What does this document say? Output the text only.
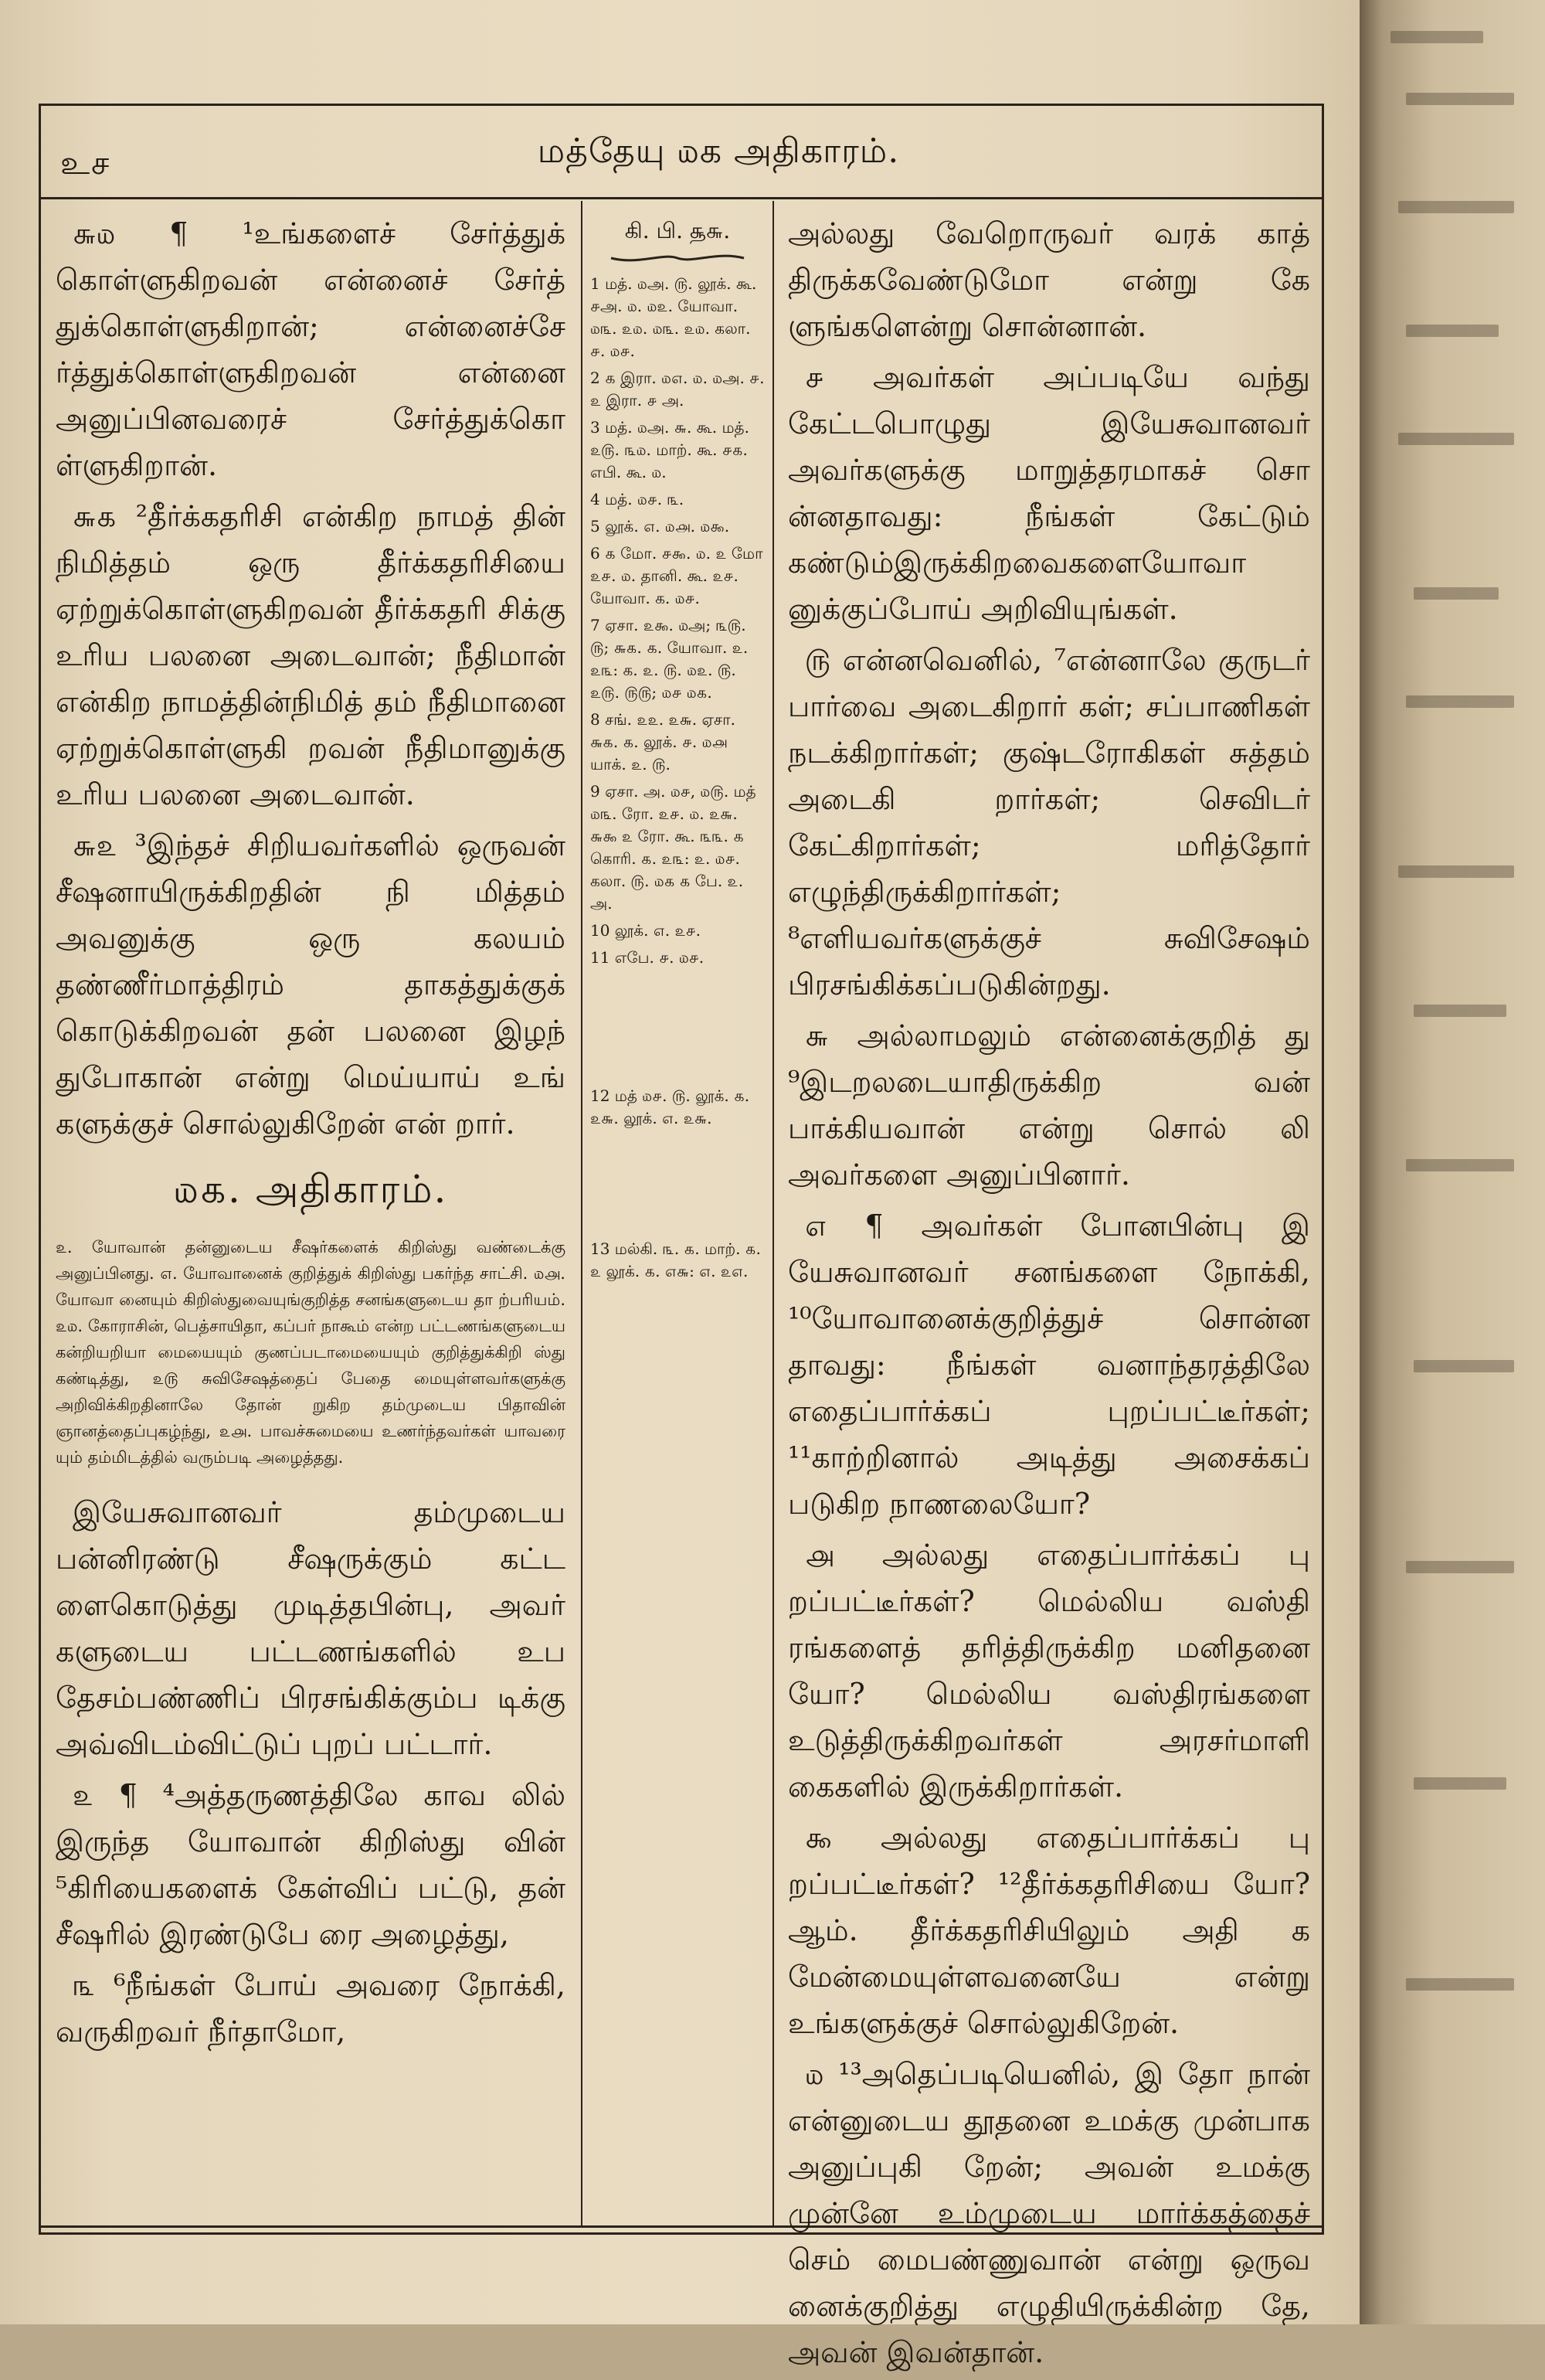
உச	மத்தேயு ௰க அதிகாரம்.

௬௰ ¶ ¹உங்களைச் சேர்த்துக் கொள்ளுகிறவன் என்னைச் சேர்த் துக்கொள்ளுகிறான்; என்னைச்சே ர்த்துக்கொள்ளுகிறவன் என்னை அனுப்பினவரைச் சேர்த்துக்கொ ள்ளுகிறான்.

௬௧ ²தீர்க்கதரிசி என்கிற நாமத் தின் நிமித்தம் ஒரு தீர்க்கதரிசியை ஏற்றுக்கொள்ளுகிறவன் தீர்க்கதரி சிக்கு உரிய பலனை அடைவான்; நீதிமான் என்கிற நாமத்தின்நிமித் தம் நீதிமானை ஏற்றுக்கொள்ளுகி றவன் நீதிமானுக்கு உரிய பலனை அடைவான்.

௬௨ ³இந்தச் சிறியவர்களில் ஒருவன் சீஷனாயிருக்கிறதின் நி மித்தம் அவனுக்கு ஒரு கலயம் தண்ணீர்மாத்திரம் தாகத்துக்குக் கொடுக்கிறவன் தன் பலனை இழந் துபோகான் என்று மெய்யாய் உங் களுக்குச் சொல்லுகிறேன் என் றார்.

௰௧. அதிகாரம்.

௨. யோவான் தன்னுடைய சீஷர்களைக் கிறிஸ்து வண்டைக்கு அனுப்பினது. ௭. யோவானைக் குறித்துக் கிறிஸ்து பகர்ந்த சாட்சி. ௰௮. யோவா னையும் கிறிஸ்துவையுங்குறித்த சனங்களுடைய தா ற்பரியம். ௨௰. கோராசின், பெத்சாயிதா, கப்பர் நாகூம் என்ற பட்டணங்களுடைய கன்றியறியா மையையும் குணப்படாமையையும் குறித்துக்கிறி ஸ்து கண்டித்து, ௨௫ சுவிசேஷத்தைப் பேதை மையுள்ளவர்களுக்கு அறிவிக்கிறதினாலே தோன் றுகிற தம்முடைய பிதாவின் ஞானத்தைப்புகழ்ந்து, ௨௮. பாவச்சுமையை உணர்ந்தவர்கள் யாவரை யும் தம்மிடத்தில் வரும்படி அழைத்தது.

இயேசுவானவர் தம்முடைய பன்னிரண்டு சீஷருக்கும் கட்ட ளைகொடுத்து முடித்தபின்பு, அவர் களுடைய பட்டணங்களில் உப தேசம்பண்ணிப் பிரசங்கிக்கும்ப டிக்கு அவ்விடம்விட்டுப் புறப் பட்டார்.

௨ ¶ ⁴அத்தருணத்திலே காவ லில் இருந்த யோவான் கிறிஸ்து வின் ⁵கிரியைகளைக் கேள்விப் பட்டு, தன் சீஷரில் இரண்டுபே ரை அழைத்து,

௩ ⁶நீங்கள் போய் அவரை நோக்கி, வருகிறவர் நீர்தாமோ,

கி. பி. ௲௬.
1 மத். ௰அ. ௫. லூக். கூ. ௪அ. ௰. ௰௨. யோவா. ௰௩. ௨௰. ௰௩. ௨௰. கலா. ௪. ௰௪.
2 ௧ இரா. ௰௭. ௰. ௰அ. ௪. ௨ இரா. ௪ அ.
3 மத். ௰அ. ௬. கூ. மத். ௨௫. ௩௰. மாற். கூ. ௪௧. எபி. கூ. ௰.
4 மத். ௰௪. ௩.
5 லூக். ௭. ௰௮. ௰௯.
6 ௧ மோ. ௪௯. ௰. ௨ மோ ௨௪. ௰. தானி. கூ. ௨௪. யோவா. க. ௰௪.
7 ஏசா. ௨௯. ௰அ; ௩௫. ௫; ௬௧. ௧. யோவா. ௨. ௨௩: க. ௨. ௫. ௰௨. ௫. ௨௫. ௫௫; ௰௪ ௰௧.
8 சங். ௨௨. ௨௬. ஏசா. ௬௧. ௧. லூக். ௪. ௰௮ யாக். ௨. ௫.
9 ஏசா. அ. ௰௪, ௰௫. மத் ௰௩. ரோ. ௨௪. ௰. ௨௬. ௬௯ ௨ ரோ. கூ. ௩௩. ௧ கொரி. ௧. ௨௩: ௨. ௰௪. கலா. ௫. ௰௧ ௧ பே. ௨. அ.
10 லூக். ௭. ௨௪.
11 எபே. ௪. ௰௪.
12 மத் ௰௪. ௫. லூக். ௧. ௨௬. லூக். ௭. ௨௬.
13 மல்கி. ௩. ௧. மாற். ௧. ௨ லூக். ௧. ௭௬: ௭. ௨௭.

அல்லது வேறொருவர் வரக் காத் திருக்கவேண்டுமோ என்று கே ளுங்களென்று சொன்னான்.

௪ அவர்கள் அப்படியே வந்து கேட்டபொழுது இயேசுவானவர் அவர்களுக்கு மாறுத்தரமாகச் சொ ன்னதாவது: நீங்கள் கேட்டும் கண்டும்இருக்கிறவைகளையோவா னுக்குப்போய் அறிவியுங்கள்.

௫ என்னவெனில், ⁷என்னாலே குருடர் பார்வை அடைகிறார் கள்; சப்பாணிகள் நடக்கிறார்கள்; குஷ்டரோகிகள் சுத்தம் அடைகி றார்கள்; செவிடர் கேட்கிறார்கள்; மரித்தோர் எழுந்திருக்கிறார்கள்; ⁸எளியவர்களுக்குச் சுவிசேஷம் பிரசங்கிக்கப்படுகின்றது.

௬ அல்லாமலும் என்னைக்குறித் து ⁹இடறலடையாதிருக்கிற வன் பாக்கியவான் என்று சொல் லி அவர்களை அனுப்பினார்.

௭ ¶ அவர்கள் போனபின்பு இ யேசுவானவர் சனங்களை நோக்கி, ¹⁰யோவானைக்குறித்துச் சொன்ன தாவது: நீங்கள் வனாந்தரத்திலே எதைப்பார்க்கப் புறப்பட்டீர்கள்; ¹¹காற்றினால் அடித்து அசைக்கப் படுகிற நாணலையோ?

௮ அல்லது எதைப்பார்க்கப் பு றப்பட்டீர்கள்? மெல்லிய வஸ்தி ரங்களைத் தரித்திருக்கிற மனிதனை யோ? மெல்லிய வஸ்திரங்களை உடுத்திருக்கிறவர்கள் அரசர்மாளி கைகளில் இருக்கிறார்கள்.

௯ அல்லது எதைப்பார்க்கப் பு றப்பட்டீர்கள்? ¹²தீர்க்கதரிசியை யோ? ஆம். தீர்க்கதரிசியிலும் அதி க மேன்மையுள்ளவனையே என்று உங்களுக்குச் சொல்லுகிறேன்.

௰ ¹³அதெப்படியெனில், இ தோ நான் என்னுடைய தூதனை உமக்கு முன்பாக அனுப்புகி றேன்; அவன் உமக்கு முன்னே உம்முடைய மார்க்கத்தைச் செம் மைபண்ணுவான் என்று ஒருவ னைக்குறித்து எழுதியிருக்கின்ற தே, அவன் இவன்தான்.
